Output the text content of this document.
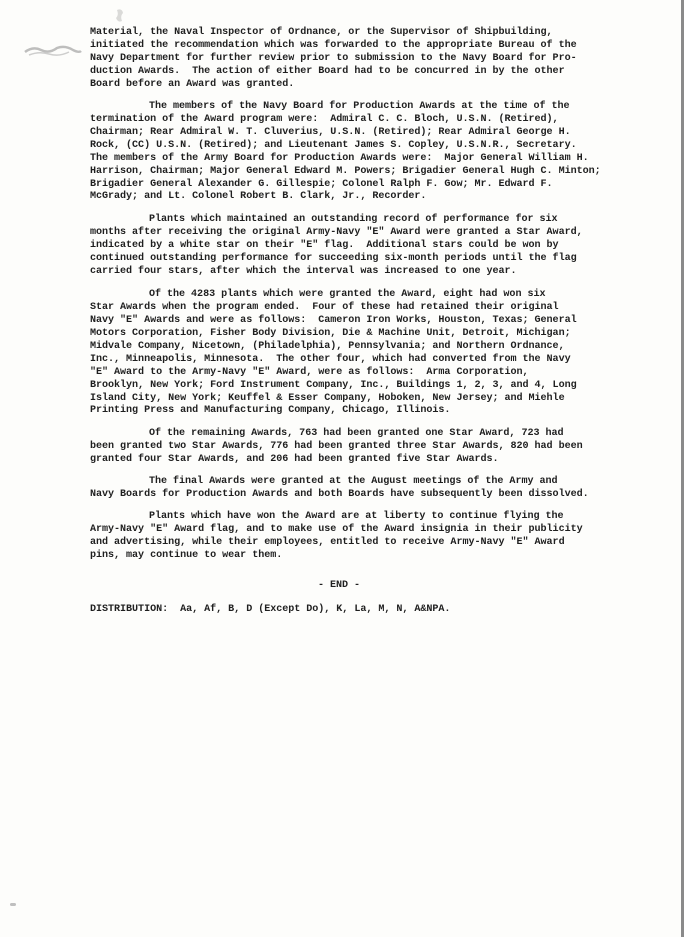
Material, the Naval Inspector of Ordnance, or the Supervisor of Shipbuilding,
initiated the recommendation which was forwarded to the appropriate Bureau of the
Navy Department for further review prior to submission to the Navy Board for Pro-
duction Awards.  The action of either Board had to be concurred in by the other
Board before an Award was granted.
The members of the Navy Board for Production Awards at the time of the
termination of the Award program were:  Admiral C. C. Bloch, U.S.N. (Retired),
Chairman; Rear Admiral W. T. Cluverius, U.S.N. (Retired); Rear Admiral George H.
Rock, (CC) U.S.N. (Retired); and Lieutenant James S. Copley, U.S.N.R., Secretary.
The members of the Army Board for Production Awards were:  Major General William H.
Harrison, Chairman; Major General Edward M. Powers; Brigadier General Hugh C. Minton;
Brigadier General Alexander G. Gillespie; Colonel Ralph F. Gow; Mr. Edward F.
McGrady; and Lt. Colonel Robert B. Clark, Jr., Recorder.
Plants which maintained an outstanding record of performance for six
months after receiving the original Army-Navy "E" Award were granted a Star Award,
indicated by a white star on their "E" flag.  Additional stars could be won by
continued outstanding performance for succeeding six-month periods until the flag
carried four stars, after which the interval was increased to one year.
Of the 4283 plants which were granted the Award, eight had won six
Star Awards when the program ended.  Four of these had retained their original
Navy "E" Awards and were as follows:  Cameron Iron Works, Houston, Texas; General
Motors Corporation, Fisher Body Division, Die & Machine Unit, Detroit, Michigan;
Midvale Company, Nicetown, (Philadelphia), Pennsylvania; and Northern Ordnance,
Inc., Minneapolis, Minnesota.  The other four, which had converted from the Navy
"E" Award to the Army-Navy "E" Award, were as follows:  Arma Corporation,
Brooklyn, New York; Ford Instrument Company, Inc., Buildings 1, 2, 3, and 4, Long
Island City, New York; Keuffel & Esser Company, Hoboken, New Jersey; and Miehle
Printing Press and Manufacturing Company, Chicago, Illinois.
Of the remaining Awards, 763 had been granted one Star Award, 723 had
been granted two Star Awards, 776 had been granted three Star Awards, 820 had been
granted four Star Awards, and 206 had been granted five Star Awards.
The final Awards were granted at the August meetings of the Army and
Navy Boards for Production Awards and both Boards have subsequently been dissolved.
Plants which have won the Award are at liberty to continue flying the
Army-Navy "E" Award flag, and to make use of the Award insignia in their publicity
and advertising, while their employees, entitled to receive Army-Navy "E" Award
pins, may continue to wear them.
- END -
DISTRIBUTION:  Aa, Af, B, D (Except Do), K, La, M, N, A&NPA.
